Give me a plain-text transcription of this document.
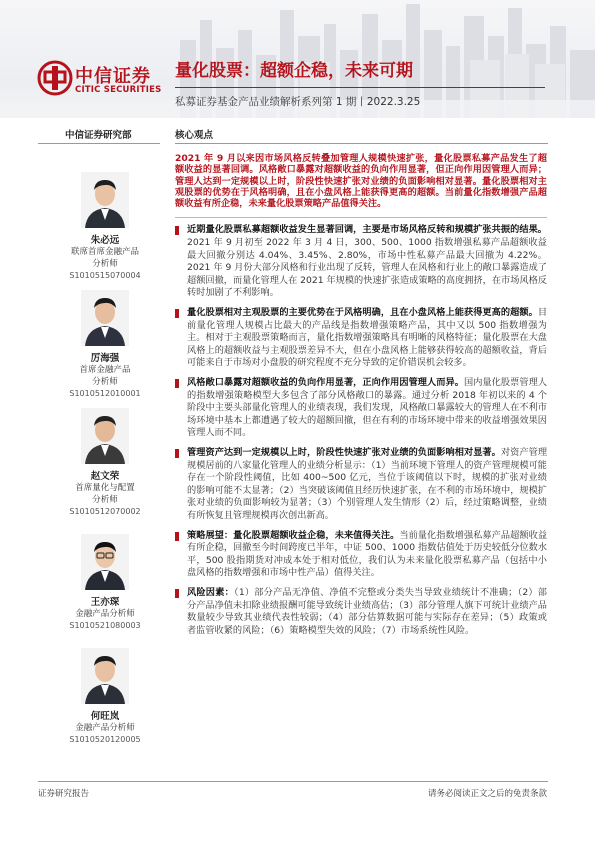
中信证券
CITIC SECURITIES
量化股票：超额企稳，未来可期
私募证券基金产品业绩解析系列第 1 期丨2022.3.25
中信证券研究部	核心观点
朱必远
联席首席金融产品
分析师
S1010515070004
厉海强
首席金融产品
分析师
S1010512010001
赵文荣
首席量化与配置
分析师
S1010512070002
王亦琛
金融产品分析师
S1010521080003
何旺岚
金融产品分析师
S1010520120005
2021 年 9 月以来因市场风格反转叠加管理人规模快速扩张，量化股票私募产品发生了超额收益的显著回调。风格敞口暴露对超额收益的负向作用显著，但正向作用因管理人而异；管理人达到一定规模以上时，阶段性快速扩张对业绩的负面影响相对显著。量化股票相对主观股票的优势在于风格明确，且在小盘风格上能获得更高的超额。当前量化指数增强产品超额收益有所企稳，未来量化股票策略产品值得关注。
近期量化股票私募超额收益发生显著回调，主要是市场风格反转和规模扩张共振的结果。2021 年 9 月初至 2022 年 3 月 4 日，300、500、1000 指数增强私募产品超额收益最大回撤分别达 4.04%、3.45%、2.80%，市场中性私募产品最大回撤为 4.22%。2021 年 9 月份大部分风格和行业出现了反转，管理人在风格和行业上的敞口暴露造成了超额回撤，而量化管理人在 2021 年规模的快速扩张造成策略的高度拥挤，在市场风格反转时加剧了不利影响。
量化股票相对主观股票的主要优势在于风格明确，且在小盘风格上能获得更高的超额。目前量化管理人规模占比最大的产品线是指数增强策略产品，其中又以 500 指数增强为主。相对于主观股票策略而言，量化指数增强策略具有明晰的风格特征；量化股票在大盘风格上的超额收益与主观股票差异不大，但在小盘风格上能够获得较高的超额收益，背后可能来自于市场对小盘股的研究程度不充分导致的定价错误机会较多。
风格敞口暴露对超额收益的负向作用显著，正向作用因管理人而异。国内量化股票管理人的指数增强策略模型大多包含了部分风格敞口的暴露。通过分析 2018 年初以来的 4 个阶段中主要头部量化管理人的业绩表现，我们发现，风格敞口暴露较大的管理人在不利市场环境中基本上都遭遇了较大的超额回撤，但在有利的市场环境中带来的收益增强效果因管理人而不同。
管理资产达到一定规模以上时，阶段性快速扩张对业绩的负面影响相对显著。对资产管理规模居前的八家量化管理人的业绩分析显示：（1）当前环境下管理人的资产管理规模可能存在一个阶段性阈值，比如 400~500 亿元，当位于该阈值以下时，规模的扩张对业绩的影响可能不太显著；（2）当突破该阈值且经历快速扩张，在不利的市场环境中，规模扩张对业绩的负面影响较为显著；（3）个别管理人发生情形（2）后，经过策略调整，业绩有所恢复且管理规模再次创出新高。
策略展望：量化股票超额收益企稳，未来值得关注。当前量化指数增强私募产品超额收益有所企稳，回撤至今时间跨度已半年，中证 500、1000 指数估值处于历史较低分位数水平，500 股指期货对冲成本处于相对低位，我们认为未来量化股票私募产品（包括中小盘风格的指数增强和市场中性产品）值得关注。
风险因素：（1）部分产品无净值、净值不完整或分类失当导致业绩统计不准确；（2）部分产品净值未扣除业绩报酬可能导致统计业绩高估；（3）部分管理人旗下可统计业绩产品数量较少导致其业绩代表性较弱；（4）部分估算数据可能与实际存在差异；（5）政策或者监管收紧的风险；（6）策略模型失效的风险；（7）市场系统性风险。
证券研究报告	请务必阅读正文之后的免责条款
